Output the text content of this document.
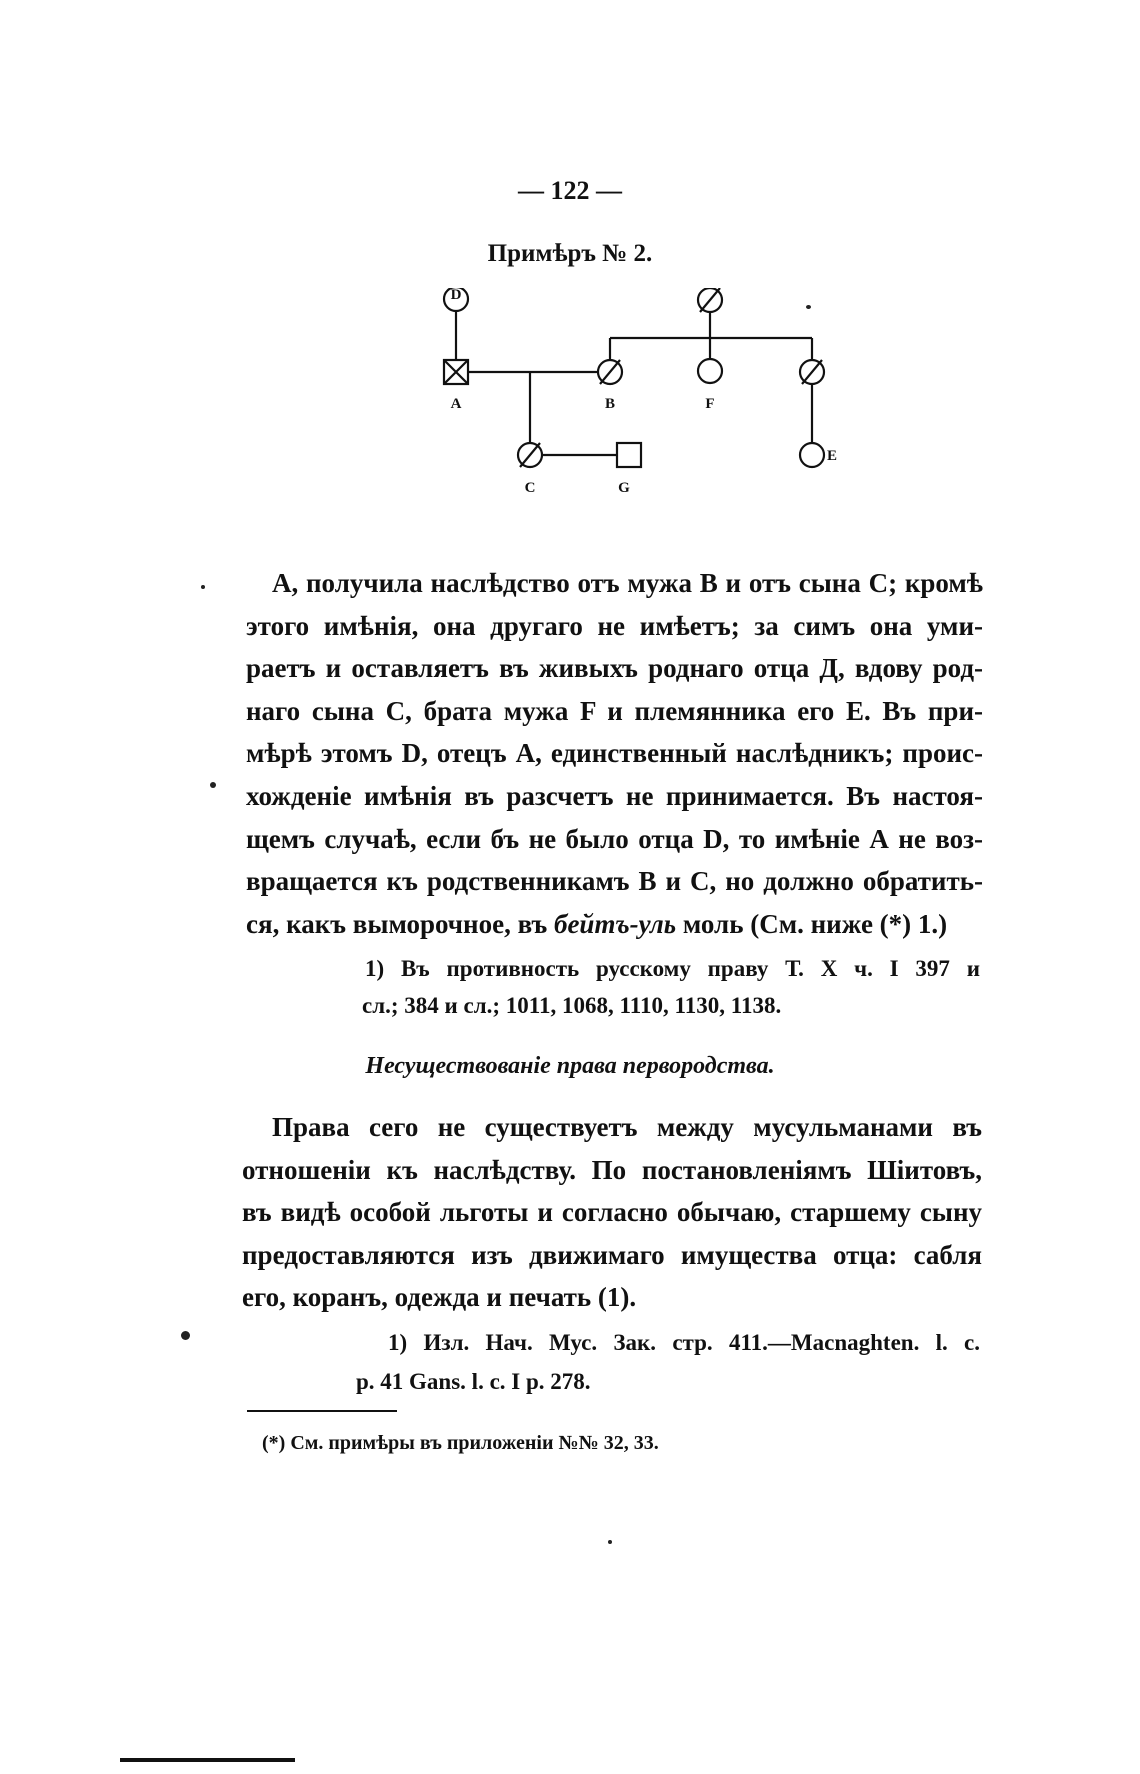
— 122 —
Примѣръ № 2.
D
A	B	F
C	G
E
А, получила наслѣдство отъ мужа В и отъ сына С; кромѣ
этого имѣнія, она другаго не имѣетъ; за симъ она уми-
раетъ и оставляетъ въ живыхъ роднаго отца Д, вдову род-
наго сына С, брата мужа F и племянника его E. Въ при-
мѣрѣ этомъ D, отецъ А, единственный наслѣдникъ; проис-
хожденіе имѣнія въ разсчетъ не принимается. Въ настоя-
щемъ случаѣ, если бъ не было отца D, то имѣніе А не воз-
вращается къ родственникамъ В и С, но должно обратить-
ся, какъ выморочное, въ бейтъ-уль моль (См. ниже (*) 1.)
1) Въ противность русскому праву Т. X ч. I 397 и
сл.; 384 и сл.; 1011, 1068, 1110, 1130, 1138.
Несуществованіе права первородства.
Права сего не существуетъ между мусульманами въ
отношеніи къ наслѣдству. По постановленіямъ Шіитовъ,
въ видѣ особой льготы и согласно обычаю, старшему сыну
предоставляются изъ движимаго имущества отца: сабля
его, коранъ, одежда и печать (1).
1) Изл. Нач. Мус. Зак. стр. 411.—Macnaghten. l. c.
р. 41 Gans. l. c. I p. 278.
(*) См. примѣры въ приложеніи №№ 32, 33.
